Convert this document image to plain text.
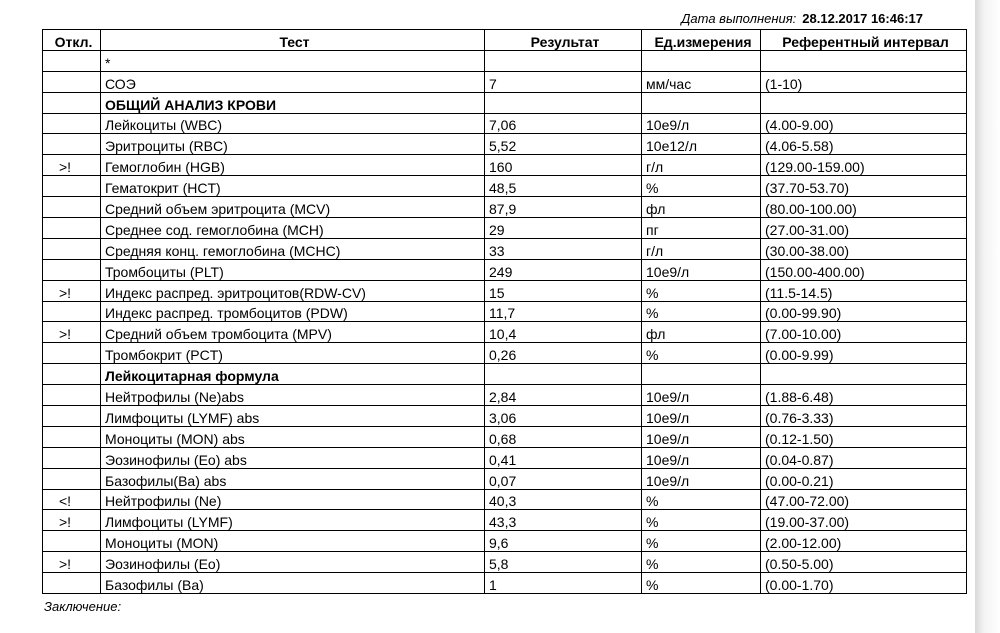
Дата выполнения: 28.12.2017 16:46:17
Откл.	Тест	Результат	Ед.измерения	Референтный интервал
	*			
	СОЭ	7	мм/час	(1-10)
	ОБЩИЙ АНАЛИЗ КРОВИ			
	Лейкоциты (WBC)	7,06	10e9/л	(4.00-9.00)
	Эритроциты (RBC)	5,52	10e12/л	(4.06-5.58)
>!	Гемоглобин (HGB)	160	г/л	(129.00-159.00)
	Гематокрит (HCT)	48,5	%	(37.70-53.70)
	Средний объем эритроцита (MCV)	87,9	фл	(80.00-100.00)
	Среднее сод. гемоглобина (MCH)	29	пг	(27.00-31.00)
	Средняя конц. гемоглобина (MCHC)	33	г/л	(30.00-38.00)
	Тромбоциты (PLT)	249	10e9/л	(150.00-400.00)
>!	Индекс распред. эритроцитов(RDW-CV)	15	%	(11.5-14.5)
	Индекс распред. тромбоцитов (PDW)	11,7	%	(0.00-99.90)
>!	Средний объем тромбоцита (MPV)	10,4	фл	(7.00-10.00)
	Тромбокрит (PCT)	0,26	%	(0.00-9.99)
	Лейкоцитарная формула			
	Нейтрофилы (Ne)abs	2,84	10e9/л	(1.88-6.48)
	Лимфоциты (LYMF) abs	3,06	10e9/л	(0.76-3.33)
	Моноциты (MON) abs	0,68	10e9/л	(0.12-1.50)
	Эозинофилы (Eo) abs	0,41	10e9/л	(0.04-0.87)
	Базофилы(Ba) abs	0,07	10e9/л	(0.00-0.21)
<!	Нейтрофилы (Ne)	40,3	%	(47.00-72.00)
>!	Лимфоциты (LYMF)	43,3	%	(19.00-37.00)
	Моноциты (MON)	9,6	%	(2.00-12.00)
>!	Эозинофилы (Eo)	5,8	%	(0.50-5.00)
	Базофилы (Ba)	1	%	(0.00-1.70)
Заключение:
